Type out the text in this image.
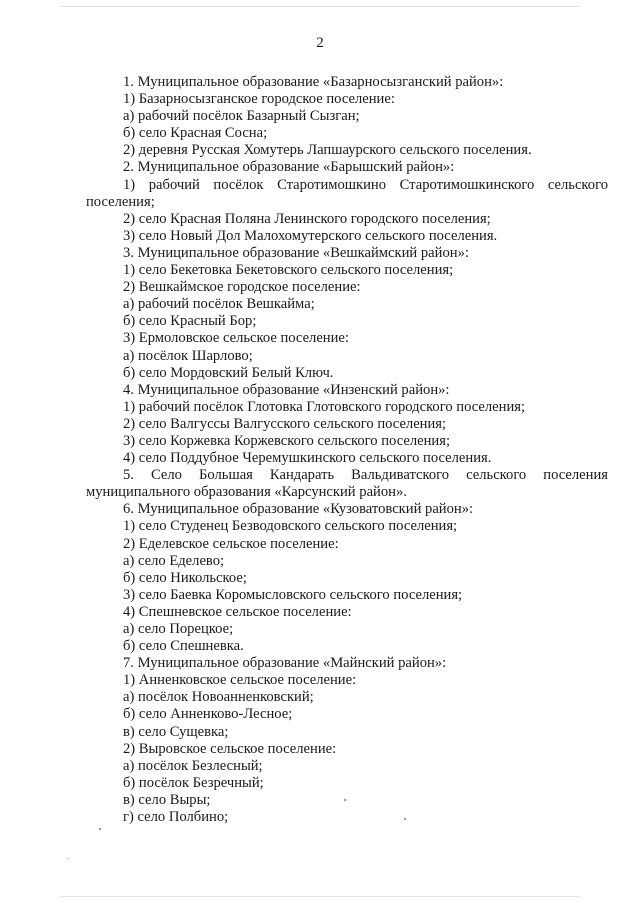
2
1. Муниципальное образование «Базарносызганский район»:
1) Базарносызганское городское поселение:
а) рабочий посёлок Базарный Сызган;
б) село Красная Сосна;
2) деревня Русская Хомутерь Лапшаурского сельского поселения.
2. Муниципальное образование «Барышский район»:
1) рабочий посёлок Старотимошкино Старотимошкинского сельского поселения;
2) село Красная Поляна Ленинского городского поселения;
3) село Новый Дол Малохомутерского сельского поселения.
3. Муниципальное образование «Вешкаймский район»:
1) село Бекетовка Бекетовского сельского поселения;
2) Вешкаймское городское поселение:
а) рабочий посёлок Вешкайма;
б) село Красный Бор;
3) Ермоловское сельское поселение:
а) посёлок Шарлово;
б) село Мордовский Белый Ключ.
4. Муниципальное образование «Инзенский район»:
1) рабочий посёлок Глотовка Глотовского городского поселения;
2) село Валгуссы Валгусского сельского поселения;
3) село Коржевка Коржевского сельского поселения;
4) село Поддубное Черемушкинского сельского поселения.
5. Село Большая Кандарать Вальдиватского сельского поселения муниципального образования «Карсунский район».
6. Муниципальное образование «Кузоватовский район»:
1) село Студенец Безводовского сельского поселения;
2) Еделевское сельское поселение:
а) село Еделево;
б) село Никольское;
3) село Баевка Коромысловского сельского поселения;
4) Спешневское сельское поселение:
а) село Порецкое;
б) село Спешневка.
7. Муниципальное образование «Майнский район»:
1) Анненковское сельское поселение:
а) посёлок Новоанненковский;
б) село Анненково-Лесное;
в) село Сущевка;
2) Выровское сельское поселение:
а) посёлок Безлесный;
б) посёлок Безречный;
в) село Выры;
г) село Полбино;
